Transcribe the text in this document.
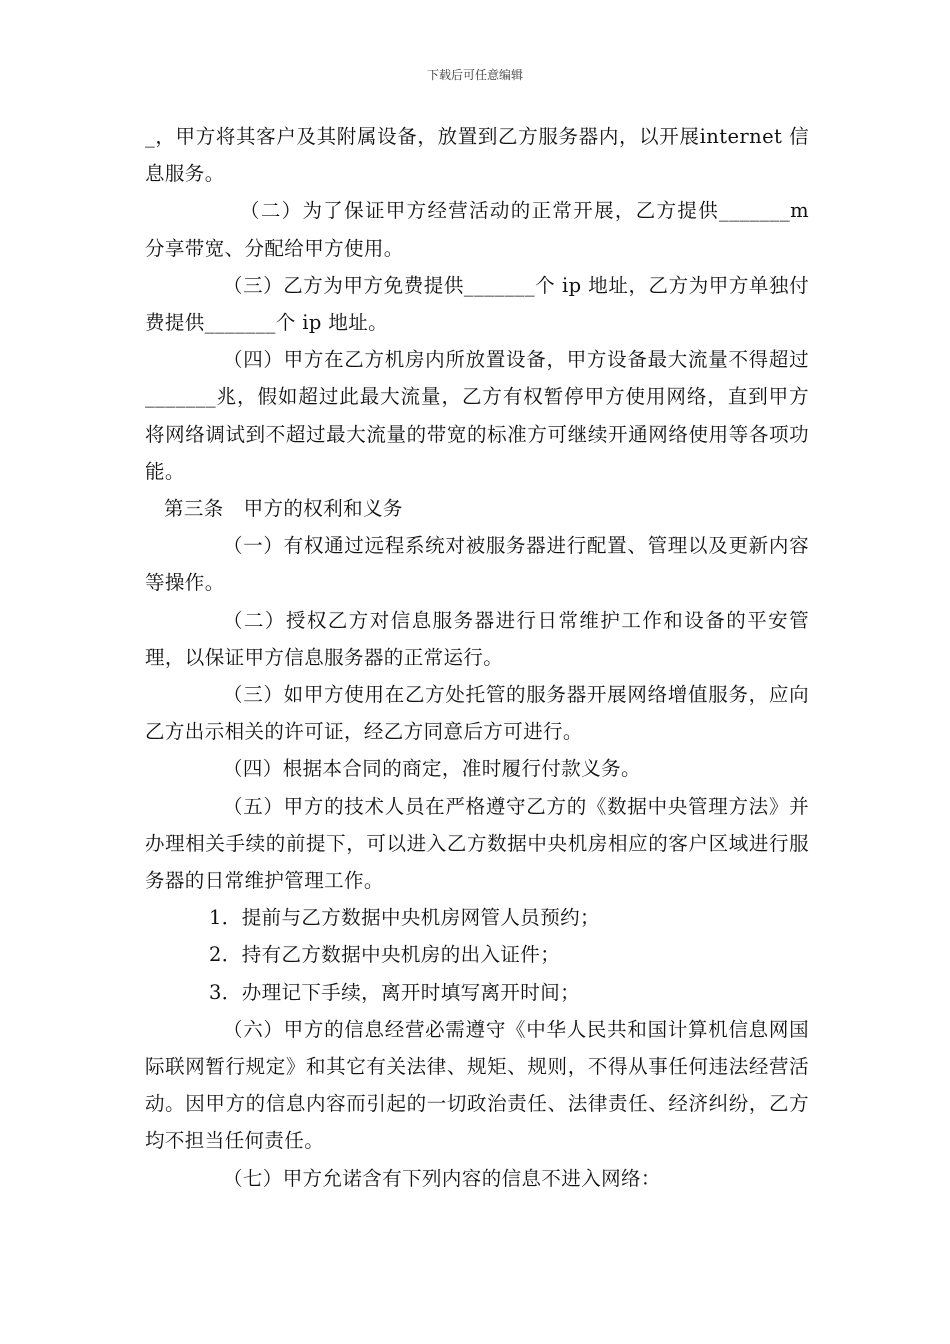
下载后可任意编辑

_，甲方将其客户及其附属设备，放置到乙方服务器内，以开展internet 信息服务。

（二）为了保证甲方经营活动的正常开展，乙方提供_______m 分享带宽、分配给甲方使用。

（三）乙方为甲方免费提供_______个 ip 地址，乙方为甲方单独付费提供_______个 ip 地址。

（四）甲方在乙方机房内所放置设备，甲方设备最大流量不得超过_______兆，假如超过此最大流量，乙方有权暂停甲方使用网络，直到甲方将网络调试到不超过最大流量的带宽的标准方可继续开通网络使用等各项功能。

第三条　甲方的权利和义务

（一）有权通过远程系统对被服务器进行配置、管理以及更新内容等操作。

（二）授权乙方对信息服务器进行日常维护工作和设备的平安管理，以保证甲方信息服务器的正常运行。

（三）如甲方使用在乙方处托管的服务器开展网络增值服务，应向乙方出示相关的许可证，经乙方同意后方可进行。

（四）根据本合同的商定，准时履行付款义务。

（五）甲方的技术人员在严格遵守乙方的《数据中央管理方法》并办理相关手续的前提下，可以进入乙方数据中央机房相应的客户区域进行服务器的日常维护管理工作。

1．提前与乙方数据中央机房网管人员预约；

2．持有乙方数据中央机房的出入证件；

3．办理记下手续，离开时填写离开时间；

（六）甲方的信息经营必需遵守《中华人民共和国计算机信息网国际联网暂行规定》和其它有关法律、规矩、规则，不得从事任何违法经营活动。因甲方的信息内容而引起的一切政治责任、法律责任、经济纠纷，乙方均不担当任何责任。

（七）甲方允诺含有下列内容的信息不进入网络：
